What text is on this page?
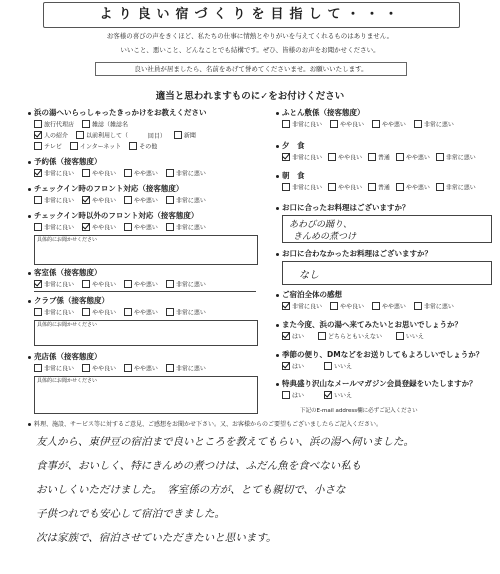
より良い宿づくりを目指して・・・
お客様の喜びの声をきくほど、私たちの仕事に情熱とやりがいを与えてくれるものはありません。
いいこと、悪いこと、どんなことでも結構です。ぜひ、皆様のお声をお聞かせください。
良い社員が居ましたら、名前をあげて誉めてくださいませ。お願いいたします。
適当と思われますものに✓をお付けください
浜の湯へいらっしゃったきっかけをお教えください
旅行代理店	雑誌（雑誌名
人の紹介	以前利用して（	回目）	新聞
テレビ	インターネット	その他
予約係（接客態度）
非常に良い	やや良い	やや悪い	非常に悪い
チェックイン時のフロント対応（接客態度）
非常に良い	やや良い	やや悪い	非常に悪い
チェックイン時以外のフロント対応（接客態度）
非常に良い	やや良い	やや悪い	非常に悪い
具体的にお聞かせください
客室係（接客態度）
非常に良い	やや良い	やや悪い	非常に悪い
クラブ係（接客態度）
非常に良い	やや良い	やや悪い	非常に悪い
具体的にお聞かせください
売店係（接客態度）
非常に良い	やや良い	やや悪い	非常に悪い
具体的にお聞かせください
ふとん敷係（接客態度）
非常に良い	やや良い	やや悪い	非常に悪い
夕　食
非常に良い	やや良い	普通	やや悪い	非常に悪い
朝　食
非常に良い	やや良い	普通	やや悪い	非常に悪い
お口に合ったお料理はございますか？
あわびの踊り、
きんめの煮つけ
お口に合わなかったお料理はございますか？
なし
ご宿泊全体の感想
非常に良い	やや良い	やや悪い	非常に悪い
また今度、浜の湯へ来てみたいとお思いでしょうか？
はい	どちらともいえない	いいえ
季節の便り、DMなどをお送りしてもよろしいでしょうか？
はい	いいえ
特典盛り沢山なメールマガジン会員登録をいたしますか？
はい	いいえ
下記のE-mail address欄に必ずご記入ください
料理、施設、サービス等に対するご意見、ご感想をお聞かせ下さい。又、お客様からのご要望もございましたらご記入ください。
友人から、東伊豆の宿泊まで良いところを教えてもらい、浜の湯へ伺いました。
食事が、おいしく、特にきんめの煮つけは、ふだん魚を食べない私も
おいしくいただけました。　客室係の方が、とても親切で、小さな
子供つれでも安心して宿泊できました。
次は家族で、宿泊させていただきたいと思います。
